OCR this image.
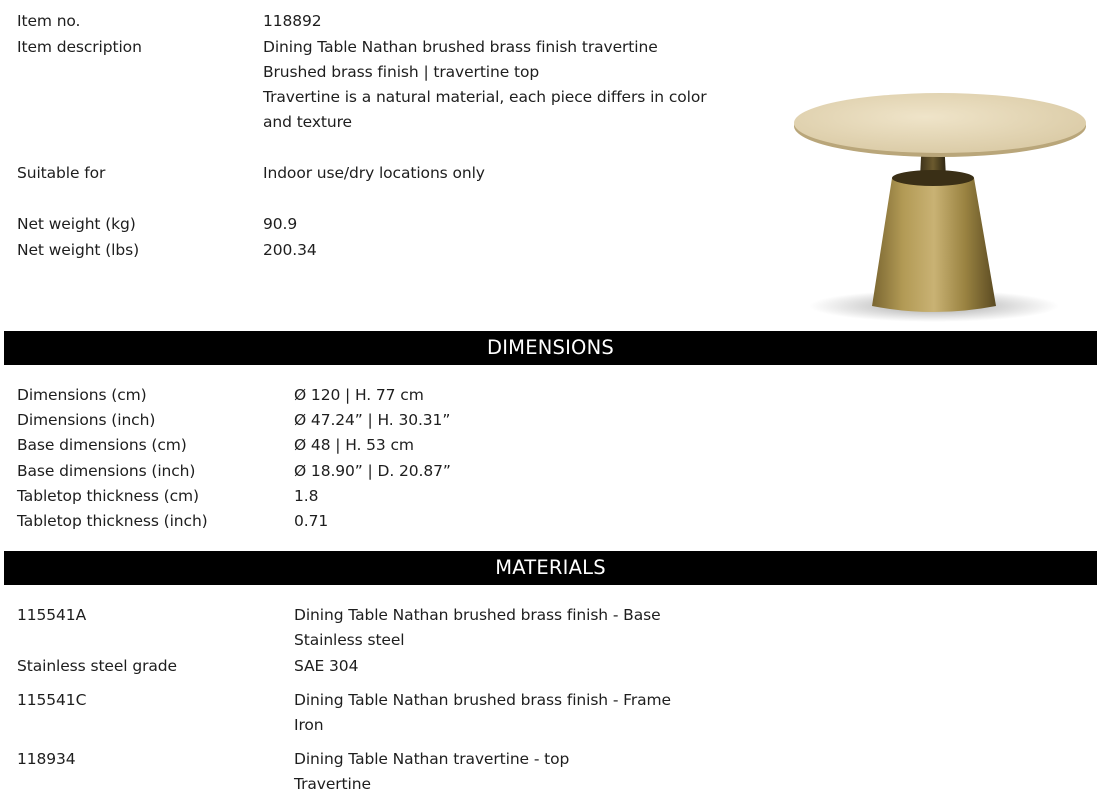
Item no.	118892
Item description	Dining Table Nathan brushed brass finish travertine
Brushed brass finish | travertine top
Travertine is a natural material, each piece differs in color
and texture
Suitable for	Indoor use/dry locations only
Net weight (kg)	90.9
Net weight (lbs)	200.34
DIMENSIONS
Dimensions (cm)	Ø 120 | H. 77 cm
Dimensions (inch)	Ø 47.24” | H. 30.31”
Base dimensions (cm)	Ø 48 | H. 53 cm
Base dimensions (inch)	Ø 18.90” | D. 20.87”
Tabletop thickness (cm)	1.8
Tabletop thickness (inch)	0.71
MATERIALS
115541A	Dining Table Nathan brushed brass finish - Base
Stainless steel
Stainless steel grade	SAE 304
115541C	Dining Table Nathan brushed brass finish - Frame
Iron
118934	Dining Table Nathan travertine - top
Travertine
